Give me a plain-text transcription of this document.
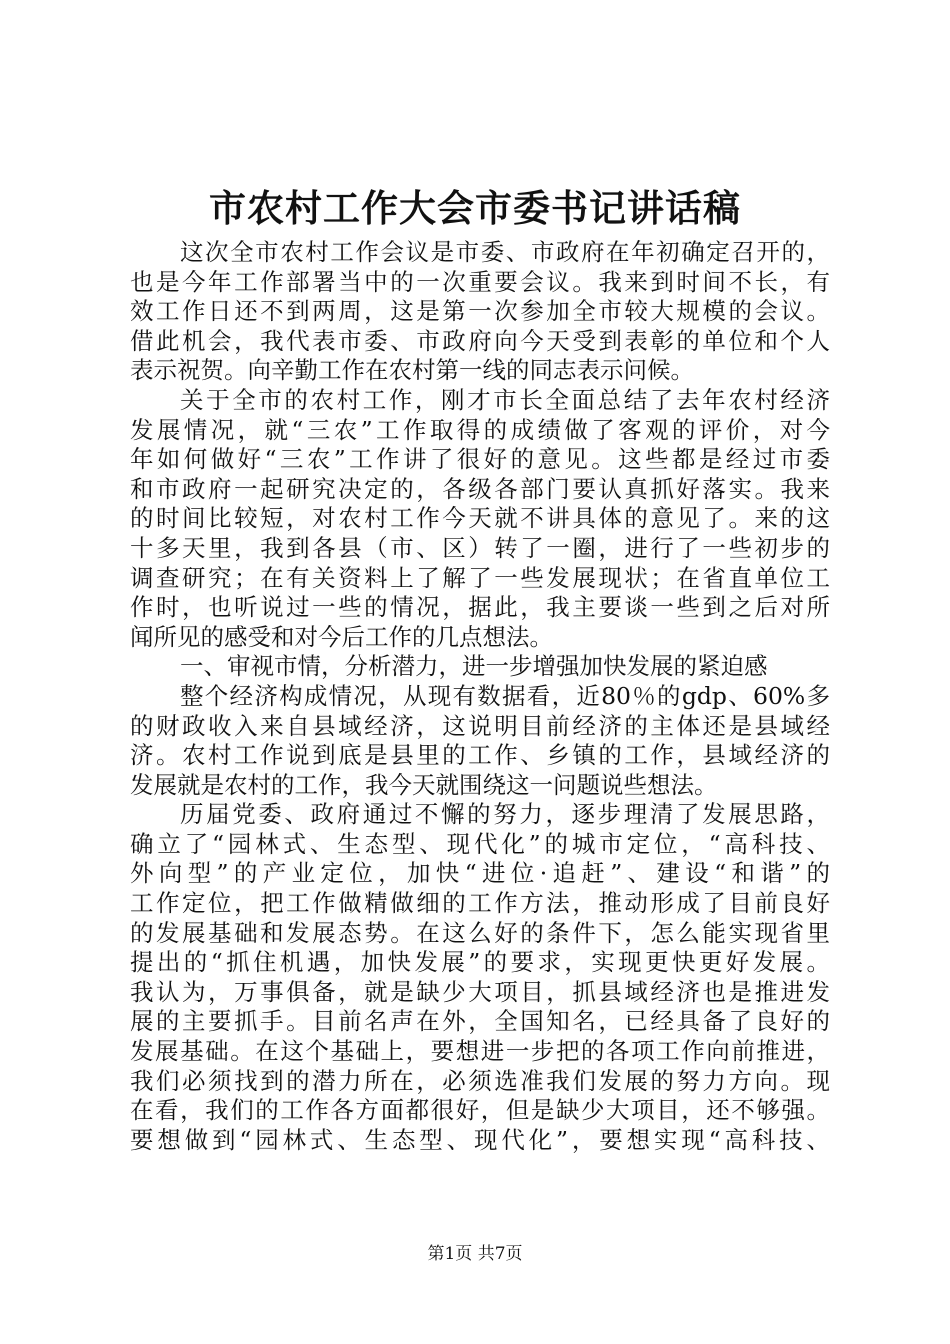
市农村工作大会市委书记讲话稿
这次全市农村工作会议是市委、市政府在年初确定召开的，
也是今年工作部署当中的一次重要会议。我来到时间不长，有
效工作日还不到两周，这是第一次参加全市较大规模的会议。
借此机会，我代表市委、市政府向今天受到表彰的单位和个人
表示祝贺。向辛勤工作在农村第一线的同志表示问候。
关于全市的农村工作，刚才市长全面总结了去年农村经济
发展情况，就“三农”工作取得的成绩做了客观的评价，对今
年如何做好“三农”工作讲了很好的意见。这些都是经过市委
和市政府一起研究决定的，各级各部门要认真抓好落实。我来
的时间比较短，对农村工作今天就不讲具体的意见了。来的这
十多天里，我到各县（市、区）转了一圈，进行了一些初步的
调查研究；在有关资料上了解了一些发展现状；在省直单位工
作时，也听说过一些的情况，据此，我主要谈一些到之后对所
闻所见的感受和对今后工作的几点想法。
一、审视市情，分析潜力，进一步增强加快发展的紧迫感
整个经济构成情况，从现有数据看，近80％的gdp、60%多
的财政收入来自县域经济，这说明目前经济的主体还是县域经
济。农村工作说到底是县里的工作、乡镇的工作，县域经济的
发展就是农村的工作，我今天就围绕这一问题说些想法。
历届党委、政府通过不懈的努力，逐步理清了发展思路，
确立了“园林式、生态型、现代化”的城市定位，“高科技、
外向型”的产业定位，加快“进位·追赶”、建设“和谐”的
工作定位，把工作做精做细的工作方法，推动形成了目前良好
的发展基础和发展态势。在这么好的条件下，怎么能实现省里
提出的“抓住机遇，加快发展”的要求，实现更快更好发展。
我认为，万事俱备，就是缺少大项目，抓县域经济也是推进发
展的主要抓手。目前名声在外，全国知名，已经具备了良好的
发展基础。在这个基础上，要想进一步把的各项工作向前推进，
我们必须找到的潜力所在，必须选准我们发展的努力方向。现
在看，我们的工作各方面都很好，但是缺少大项目，还不够强。
要想做到“园林式、生态型、现代化”，要想实现“高科技、
第1页 共7页
